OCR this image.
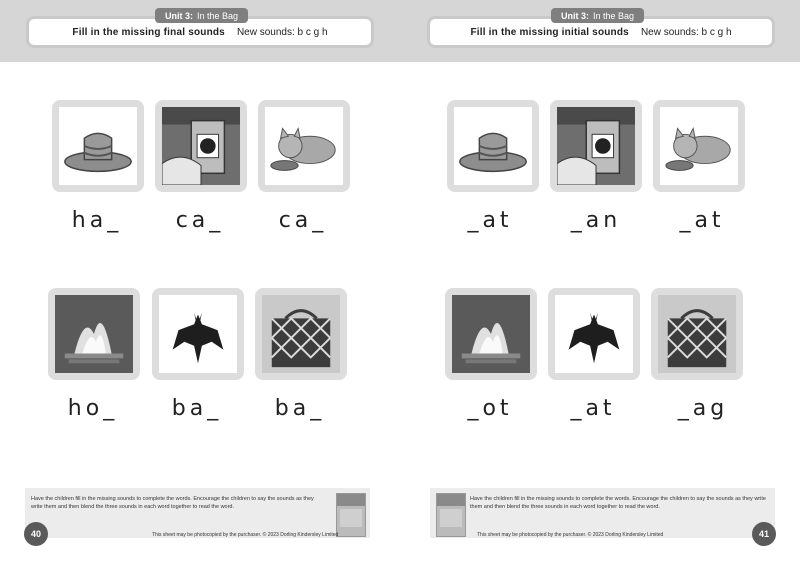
Fill in the missing final sounds New sounds: b c g h
Unit 3: In the Bag
ha_	ca_	ca_
ho_	ba_	ba_
Have the children fill in the missing sounds to complete the words. Encourage the children to say the sounds as they write them and then blend the three sounds in each word together to read the word.
This sheet may be photocopied by the purchaser. © 2023 Dorling Kindersley Limited
40
Fill in the missing initial sounds New sounds: b c g h
Unit 3: In the Bag
_at	_an	_at
_ot	_at	_ag
Have the children fill in the missing sounds to complete the words. Encourage the children to say the sounds as they write them and then blend the three sounds in each word together to read the word.
This sheet may be photocopied by the purchaser. © 2023 Dorling Kindersley Limited	41
